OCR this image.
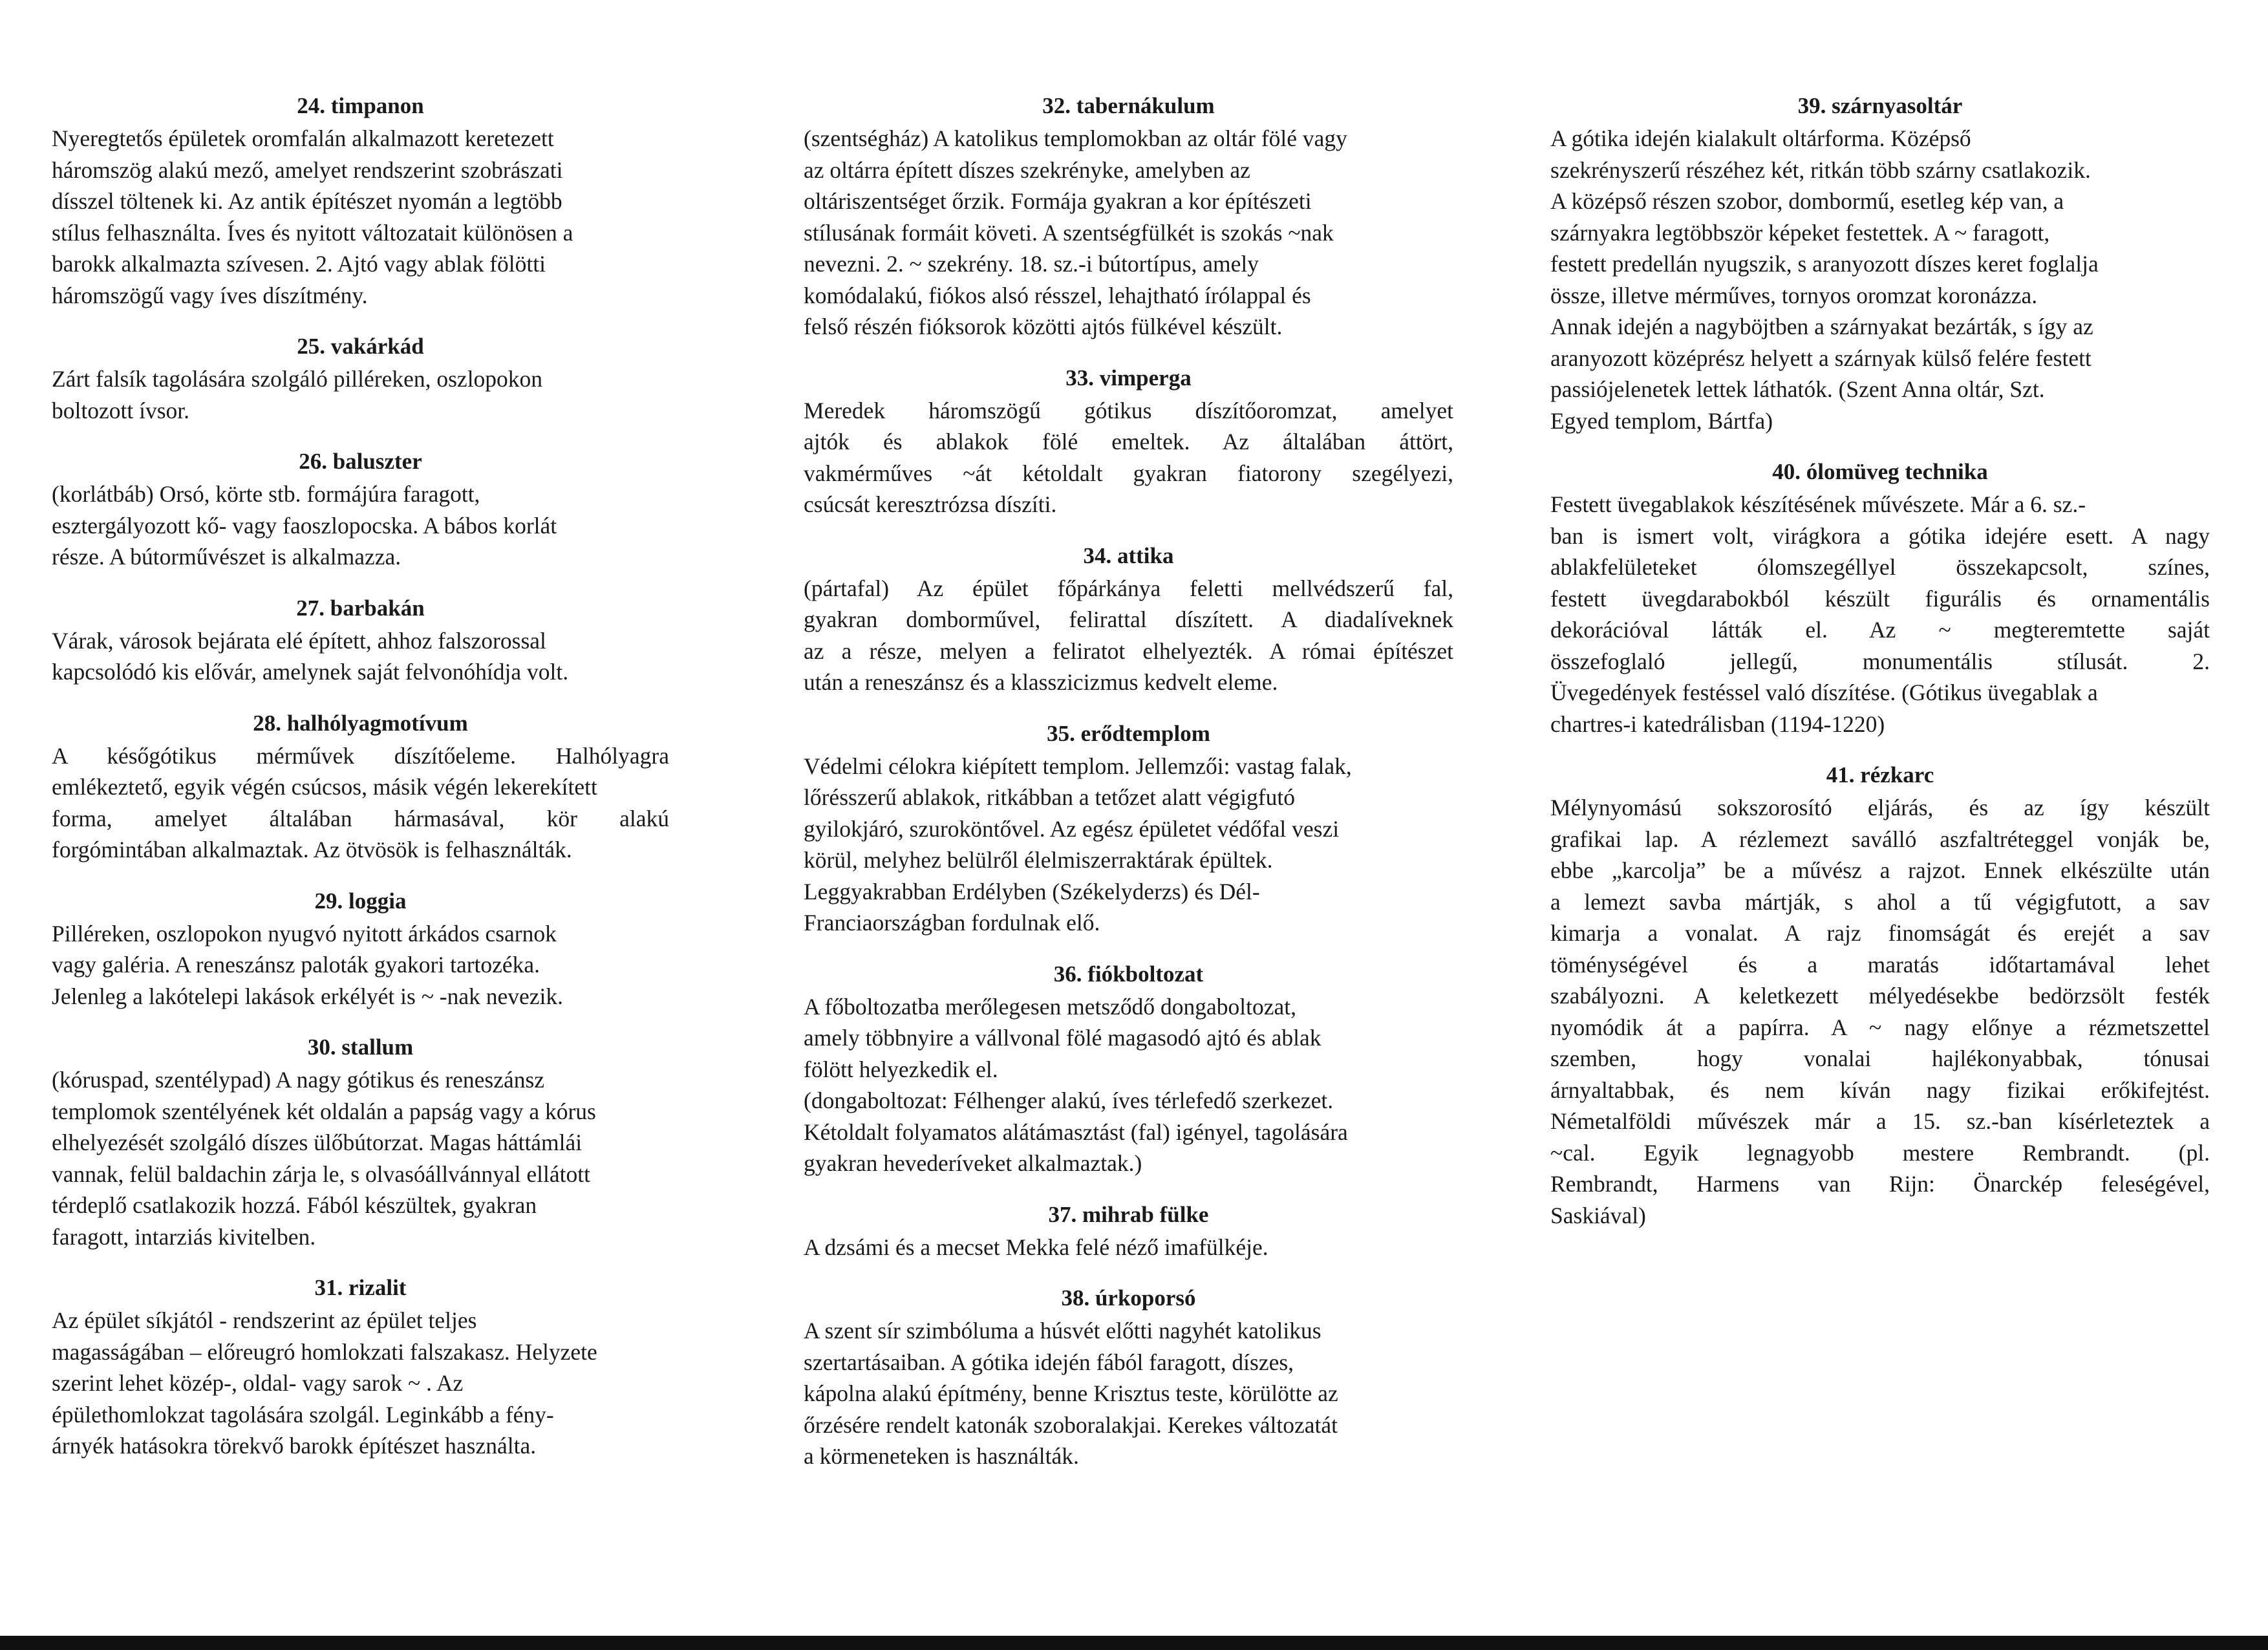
24. timpanon
Nyeregtetős épületek oromfalán alkalmazott keretezett
háromszög alakú mező, amelyet rendszerint szobrászati
dísszel töltenek ki. Az antik építészet nyomán a legtöbb
stílus felhasználta. Íves és nyitott változatait különösen a
barokk alkalmazta szívesen. 2. Ajtó vagy ablak fölötti
háromszögű vagy íves díszítmény.
25. vakárkád
Zárt falsík tagolására szolgáló pilléreken, oszlopokon
boltozott ívsor.
26. baluszter
(korlátbáb) Orsó, körte stb. formájúra faragott,
esztergályozott kő- vagy faoszlopocska. A bábos korlát
része. A bútorművészet is alkalmazza.
27. barbakán
Várak, városok bejárata elé épített, ahhoz falszorossal
kapcsolódó kis elővár, amelynek saját felvonóhídja volt.
28. halhólyagmotívum
A későgótikus mérművek díszítőeleme. Halhólyagra
emlékeztető, egyik végén csúcsos, másik végén lekerekített
forma, amelyet általában hármasával, kör alakú
forgómintában alkalmaztak. Az ötvösök is felhasználták.
29. loggia
Pilléreken, oszlopokon nyugvó nyitott árkádos csarnok
vagy galéria. A reneszánsz paloták gyakori tartozéka.
Jelenleg a lakótelepi lakások erkélyét is ~ -nak nevezik.
30. stallum
(kóruspad, szentélypad) A nagy gótikus és reneszánsz
templomok szentélyének két oldalán a papság vagy a kórus
elhelyezését szolgáló díszes ülőbútorzat. Magas háttámlái
vannak, felül baldachin zárja le, s olvasóállvánnyal ellátott
térdeplő csatlakozik hozzá. Fából készültek, gyakran
faragott, intarziás kivitelben.
31. rizalit
Az épület síkjától - rendszerint az épület teljes
magasságában – előreugró homlokzati falszakasz. Helyzete
szerint lehet közép-, oldal- vagy sarok ~ . Az
épülethomlokzat tagolására szolgál. Leginkább a fény-
árnyék hatásokra törekvő barokk építészet használta.
32. tabernákulum
(szentségház) A katolikus templomokban az oltár fölé vagy
az oltárra épített díszes szekrényke, amelyben az
oltáriszentséget őrzik. Formája gyakran a kor építészeti
stílusának formáit követi. A szentségfülkét is szokás ~nak
nevezni. 2. ~ szekrény. 18. sz.-i bútortípus, amely
komódalakú, fiókos alsó résszel, lehajtható írólappal és
felső részén fióksorok közötti ajtós fülkével készült.
33. vimperga
Meredek háromszögű gótikus díszítőoromzat, amelyet
ajtók és ablakok fölé emeltek. Az általában áttört,
vakmérműves ~át kétoldalt gyakran fiatorony szegélyezi,
csúcsát keresztrózsa díszíti.
34. attika
(pártafal) Az épület főpárkánya feletti mellvédszerű fal,
gyakran domborművel, felirattal díszített. A diadalíveknek
az a része, melyen a feliratot elhelyezték. A római építészet
után a reneszánsz és a klasszicizmus kedvelt eleme.
35. erődtemplom
Védelmi célokra kiépített templom. Jellemzői: vastag falak,
lőrésszerű ablakok, ritkábban a tetőzet alatt végigfutó
gyilokjáró, szuroköntővel. Az egész épületet védőfal veszi
körül, melyhez belülről élelmiszerraktárak épültek.
Leggyakrabban Erdélyben (Székelyderzs) és Dél-
Franciaországban fordulnak elő.
36. fiókboltozat
A főboltozatba merőlegesen metsződő dongaboltozat,
amely többnyire a vállvonal fölé magasodó ajtó és ablak
fölött helyezkedik el.
(dongaboltozat: Félhenger alakú, íves térlefedő szerkezet.
Kétoldalt folyamatos alátámasztást (fal) igényel, tagolására
gyakran hevederíveket alkalmaztak.)
37. mihrab fülke
A dzsámi és a mecset Mekka felé néző imafülkéje.
38. úrkoporsó
A szent sír szimbóluma a húsvét előtti nagyhét katolikus
szertartásaiban. A gótika idején fából faragott, díszes,
kápolna alakú építmény, benne Krisztus teste, körülötte az
őrzésére rendelt katonák szoboralakjai. Kerekes változatát
a körmeneteken is használták.
39. szárnyasoltár
A gótika idején kialakult oltárforma. Középső
szekrényszerű részéhez két, ritkán több szárny csatlakozik.
A középső részen szobor, dombormű, esetleg kép van, a
szárnyakra legtöbbször képeket festettek. A ~ faragott,
festett predellán nyugszik, s aranyozott díszes keret foglalja
össze, illetve mérműves, tornyos oromzat koronázza.
Annak idején a nagyböjtben a szárnyakat bezárták, s így az
aranyozott középrész helyett a szárnyak külső felére festett
passiójelenetek lettek láthatók. (Szent Anna oltár, Szt.
Egyed templom, Bártfa)
40. ólomüveg technika
Festett üvegablakok készítésének művészete. Már a 6. sz.-
ban is ismert volt, virágkora a gótika idejére esett. A nagy
ablakfelületeket ólomszegéllyel összekapcsolt, színes,
festett üvegdarabokból készült figurális és ornamentális
dekorációval látták el. Az ~ megteremtette saját
összefoglaló jellegű, monumentális stílusát. 2.
Üvegedények festéssel való díszítése. (Gótikus üvegablak a
chartres-i katedrálisban (1194-1220)
41. rézkarc
Mélynyomású sokszorosító eljárás, és az így készült
grafikai lap. A rézlemezt saválló aszfaltréteggel vonják be,
ebbe „karcolja” be a művész a rajzot. Ennek elkészülte után
a lemezt savba mártják, s ahol a tű végigfutott, a sav
kimarja a vonalat. A rajz finomságát és erejét a sav
töménységével és a maratás időtartamával lehet
szabályozni. A keletkezett mélyedésekbe bedörzsölt festék
nyomódik át a papírra. A ~ nagy előnye a rézmetszettel
szemben, hogy vonalai hajlékonyabbak, tónusai
árnyaltabbak, és nem kíván nagy fizikai erőkifejtést.
Németalföldi művészek már a 15. sz.-ban kísérleteztek a
~cal. Egyik legnagyobb mestere Rembrandt. (pl.
Rembrandt, Harmens van Rijn: Önarckép feleségével,
Saskiával)
